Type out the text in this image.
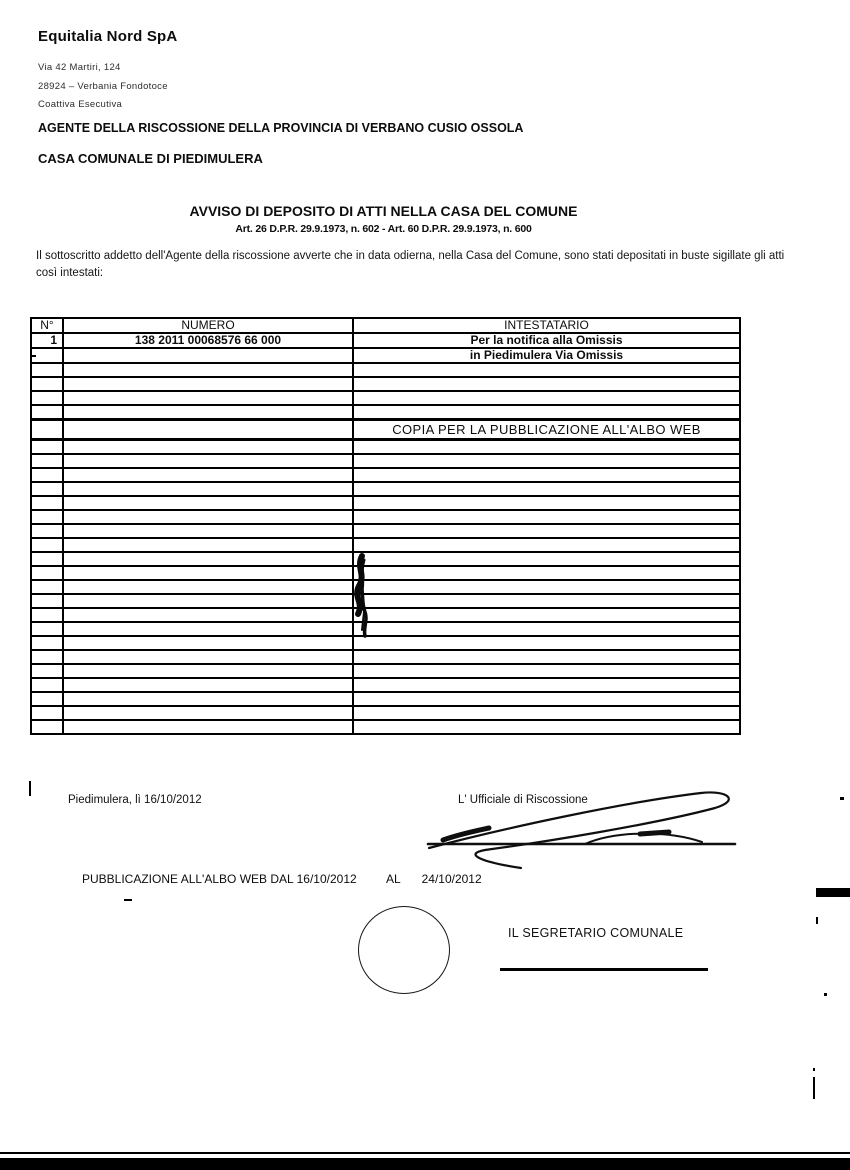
Equitalia Nord SpA
Via 42 Martiri, 124
28924 – Verbania Fondotoce
Coattiva Esecutiva
AGENTE DELLA RISCOSSIONE DELLA PROVINCIA DI VERBANO CUSIO OSSOLA
CASA COMUNALE DI PIEDIMULERA
AVVISO DI DEPOSITO DI ATTI NELLA CASA DEL COMUNE
Art. 26 D.P.R. 29.9.1973, n. 602 - Art. 60 D.P.R. 29.9.1973, n. 600

Il sottoscritto addetto dell'Agente della riscossione avverte che in data odierna, nella Casa del Comune, sono stati depositati in buste sigillate gli atti così intestati:

N°	NUMERO	INTESTATARIO
1	138 2011 00068576 66 000	Per la notifica alla Omissis
		in Piedimulera Via Omissis

		COPIA PER LA PUBBLICAZIONE ALL'ALBO WEB

Piedimulera, lì 16/10/2012	L' Ufficiale di Riscossione
PUBBLICAZIONE ALL'ALBO WEB DAL 16/10/2012 AL 24/10/2012
IL SEGRETARIO COMUNALE
